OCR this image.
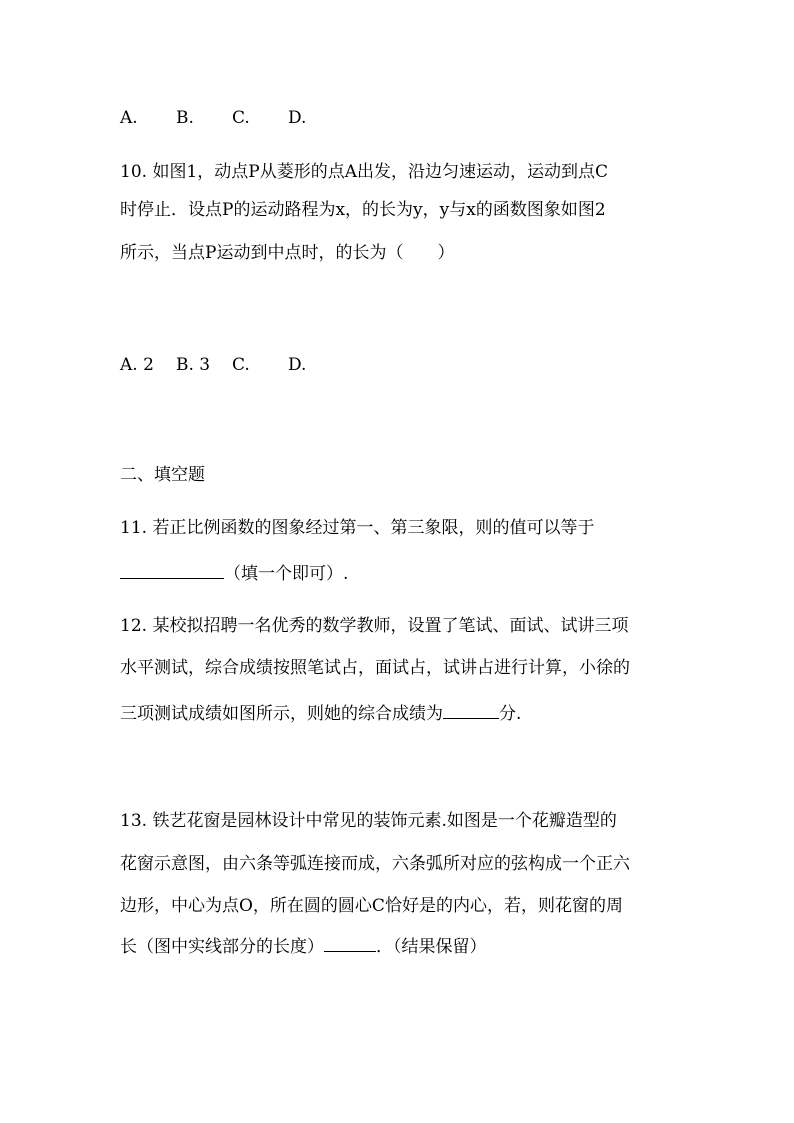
A.	B.	C.	D.
10. 如图1，动点P从菱形的点A出发，沿边匀速运动，运动到点C
时停止．设点P的运动路程为x，的长为y，y与x的函数图象如图2
所示，当点P运动到中点时，的长为（　　）
A. 2	B. 3	C.	D.
二、填空题
11. 若正比例函数的图象经过第一、第三象限，则的值可以等于
（填一个即可）.
12. 某校拟招聘一名优秀的数学教师，设置了笔试、面试、试讲三项
水平测试，综合成绩按照笔试占，面试占，试讲占进行计算，小徐的
三项测试成绩如图所示，则她的综合成绩为	分.
13. 铁艺花窗是园林设计中常见的装饰元素.如图是一个花瓣造型的
花窗示意图，由六条等弧连接而成，六条弧所对应的弦构成一个正六
边形，中心为点O，所在圆的圆心C恰好是的内心，若，则花窗的周
长（图中实线部分的长度）	．（结果保留）
